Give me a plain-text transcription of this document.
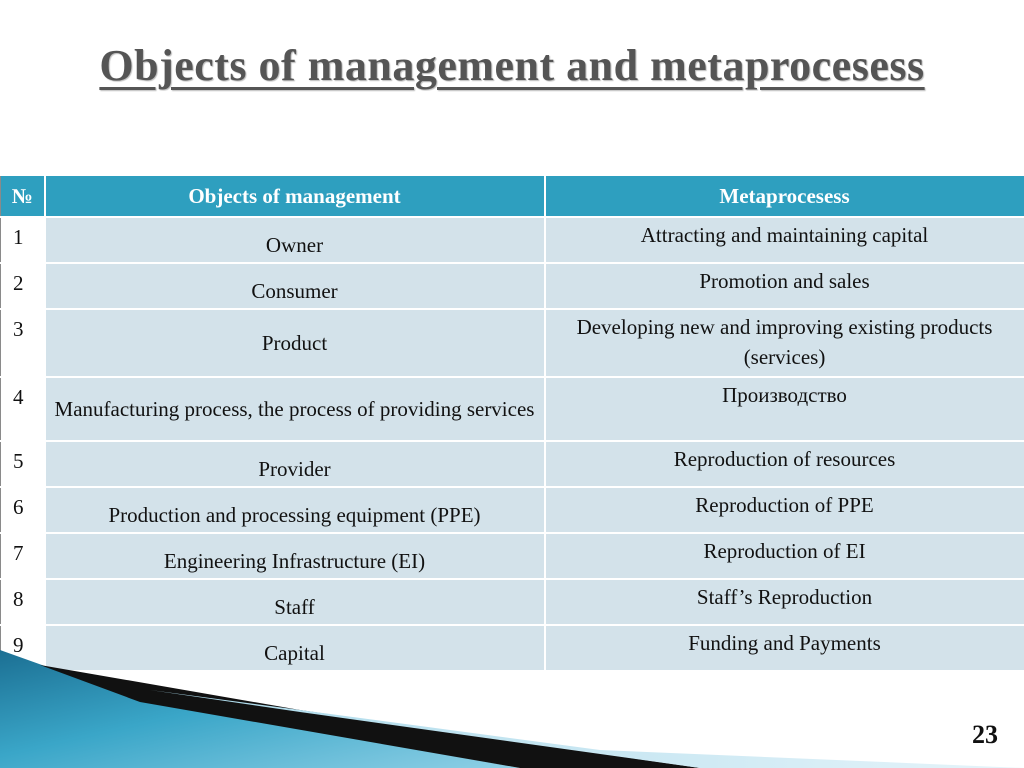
Objects of management and metaprocesess
№	Objects of management	Metaprocesess
1	Owner	Attracting and maintaining capital
2	Consumer	Promotion and sales
3	Product	Developing new and improving existing products (services)
4	Manufacturing process, the process of providing services	Производство
5	Provider	Reproduction of resources
6	Production and processing equipment (PPE)	Reproduction of PPE
7	Engineering Infrastructure (EI)	Reproduction of EI
8	Staff	Staff’s Reproduction
9	Capital	Funding and Payments
23
